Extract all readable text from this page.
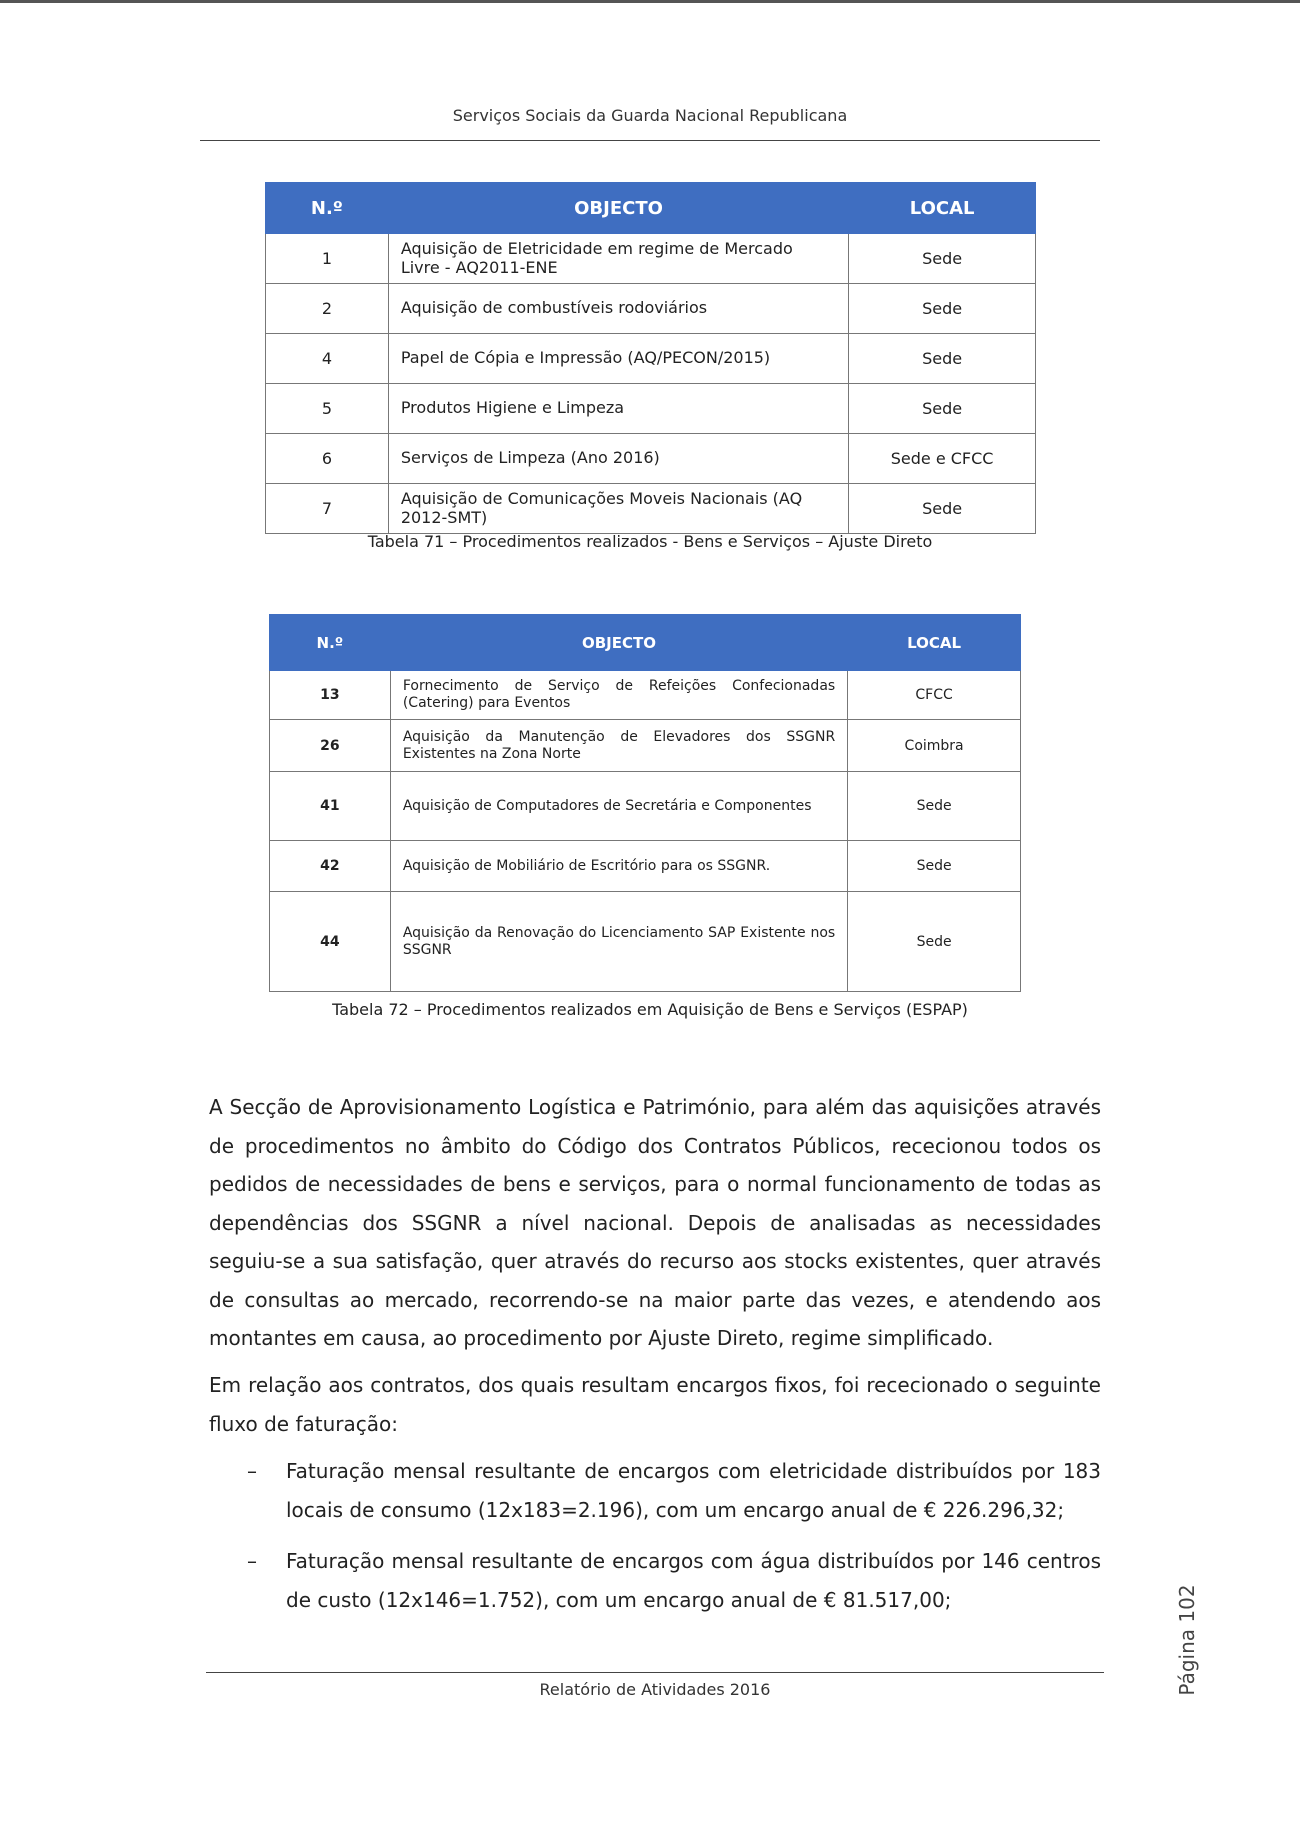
Serviços Sociais da Guarda Nacional Republicana
N.º	OBJECTO	LOCAL
1	Aquisição de Eletricidade em regime de Mercado Livre - AQ2011-ENE	Sede
2	Aquisição de combustíveis rodoviários	Sede
4	Papel de Cópia e Impressão (AQ/PECON/2015)	Sede
5	Produtos Higiene e Limpeza	Sede
6	Serviços de Limpeza (Ano 2016)	Sede e CFCC
7	Aquisição de Comunicações Moveis Nacionais (AQ 2012-SMT)	Sede
Tabela 71 – Procedimentos realizados - Bens e Serviços – Ajuste Direto
N.º	OBJECTO	LOCAL
13	Fornecimento de Serviço de Refeições Confecionadas (Catering) para Eventos	CFCC
26	Aquisição da Manutenção de Elevadores dos SSGNR Existentes na Zona Norte	Coimbra
41	Aquisição de Computadores de Secretária e Componentes	Sede
42	Aquisição de Mobiliário de Escritório para os SSGNR.	Sede
44	Aquisição da Renovação do Licenciamento SAP Existente nos SSGNR	Sede
Tabela 72 – Procedimentos realizados em Aquisição de Bens e Serviços (ESPAP)

A Secção de Aprovisionamento Logística e Património, para além das aquisições através de procedimentos no âmbito do Código dos Contratos Públicos, rececionou todos os pedidos de necessidades de bens e serviços, para o normal funcionamento de todas as dependências dos SSGNR a nível nacional. Depois de analisadas as necessidades seguiu-se a sua satisfação, quer através do recurso aos stocks existentes, quer através de consultas ao mercado, recorrendo-se na maior parte das vezes, e atendendo aos montantes em causa, ao procedimento por Ajuste Direto, regime simplificado.

Em relação aos contratos, dos quais resultam encargos fixos, foi rececionado o seguinte fluxo de faturação:

– Faturação mensal resultante de encargos com eletricidade distribuídos por 183 locais de consumo (12x183=2.196), com um encargo anual de € 226.296,32;
– Faturação mensal resultante de encargos com água distribuídos por 146 centros de custo (12x146=1.752), com um encargo anual de € 81.517,00;	Página 102
Relatório de Atividades 2016
